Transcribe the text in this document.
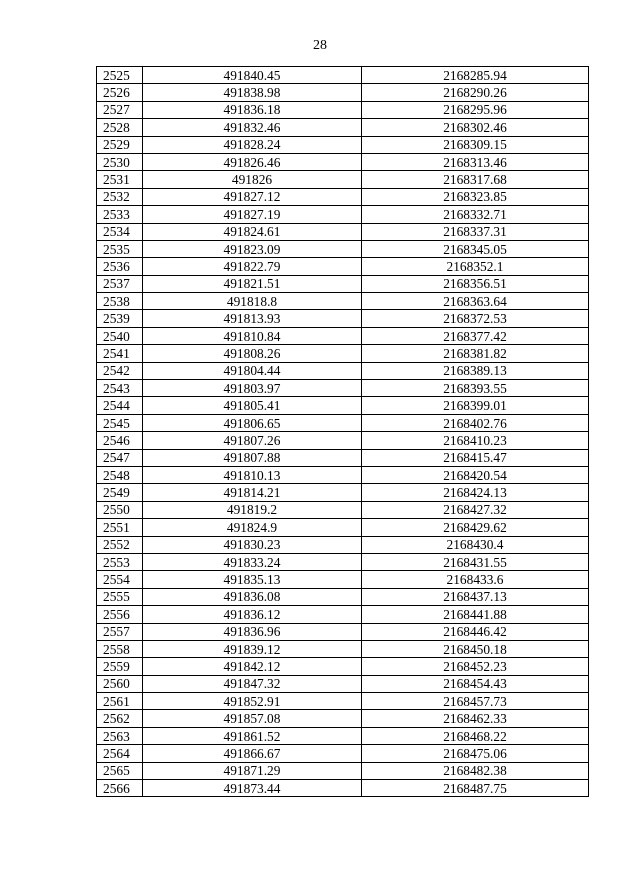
28
2525	491840.45	2168285.94
2526	491838.98	2168290.26
2527	491836.18	2168295.96
2528	491832.46	2168302.46
2529	491828.24	2168309.15
2530	491826.46	2168313.46
2531	491826	2168317.68
2532	491827.12	2168323.85
2533	491827.19	2168332.71
2534	491824.61	2168337.31
2535	491823.09	2168345.05
2536	491822.79	2168352.1
2537	491821.51	2168356.51
2538	491818.8	2168363.64
2539	491813.93	2168372.53
2540	491810.84	2168377.42
2541	491808.26	2168381.82
2542	491804.44	2168389.13
2543	491803.97	2168393.55
2544	491805.41	2168399.01
2545	491806.65	2168402.76
2546	491807.26	2168410.23
2547	491807.88	2168415.47
2548	491810.13	2168420.54
2549	491814.21	2168424.13
2550	491819.2	2168427.32
2551	491824.9	2168429.62
2552	491830.23	2168430.4
2553	491833.24	2168431.55
2554	491835.13	2168433.6
2555	491836.08	2168437.13
2556	491836.12	2168441.88
2557	491836.96	2168446.42
2558	491839.12	2168450.18
2559	491842.12	2168452.23
2560	491847.32	2168454.43
2561	491852.91	2168457.73
2562	491857.08	2168462.33
2563	491861.52	2168468.22
2564	491866.67	2168475.06
2565	491871.29	2168482.38
2566	491873.44	2168487.75
